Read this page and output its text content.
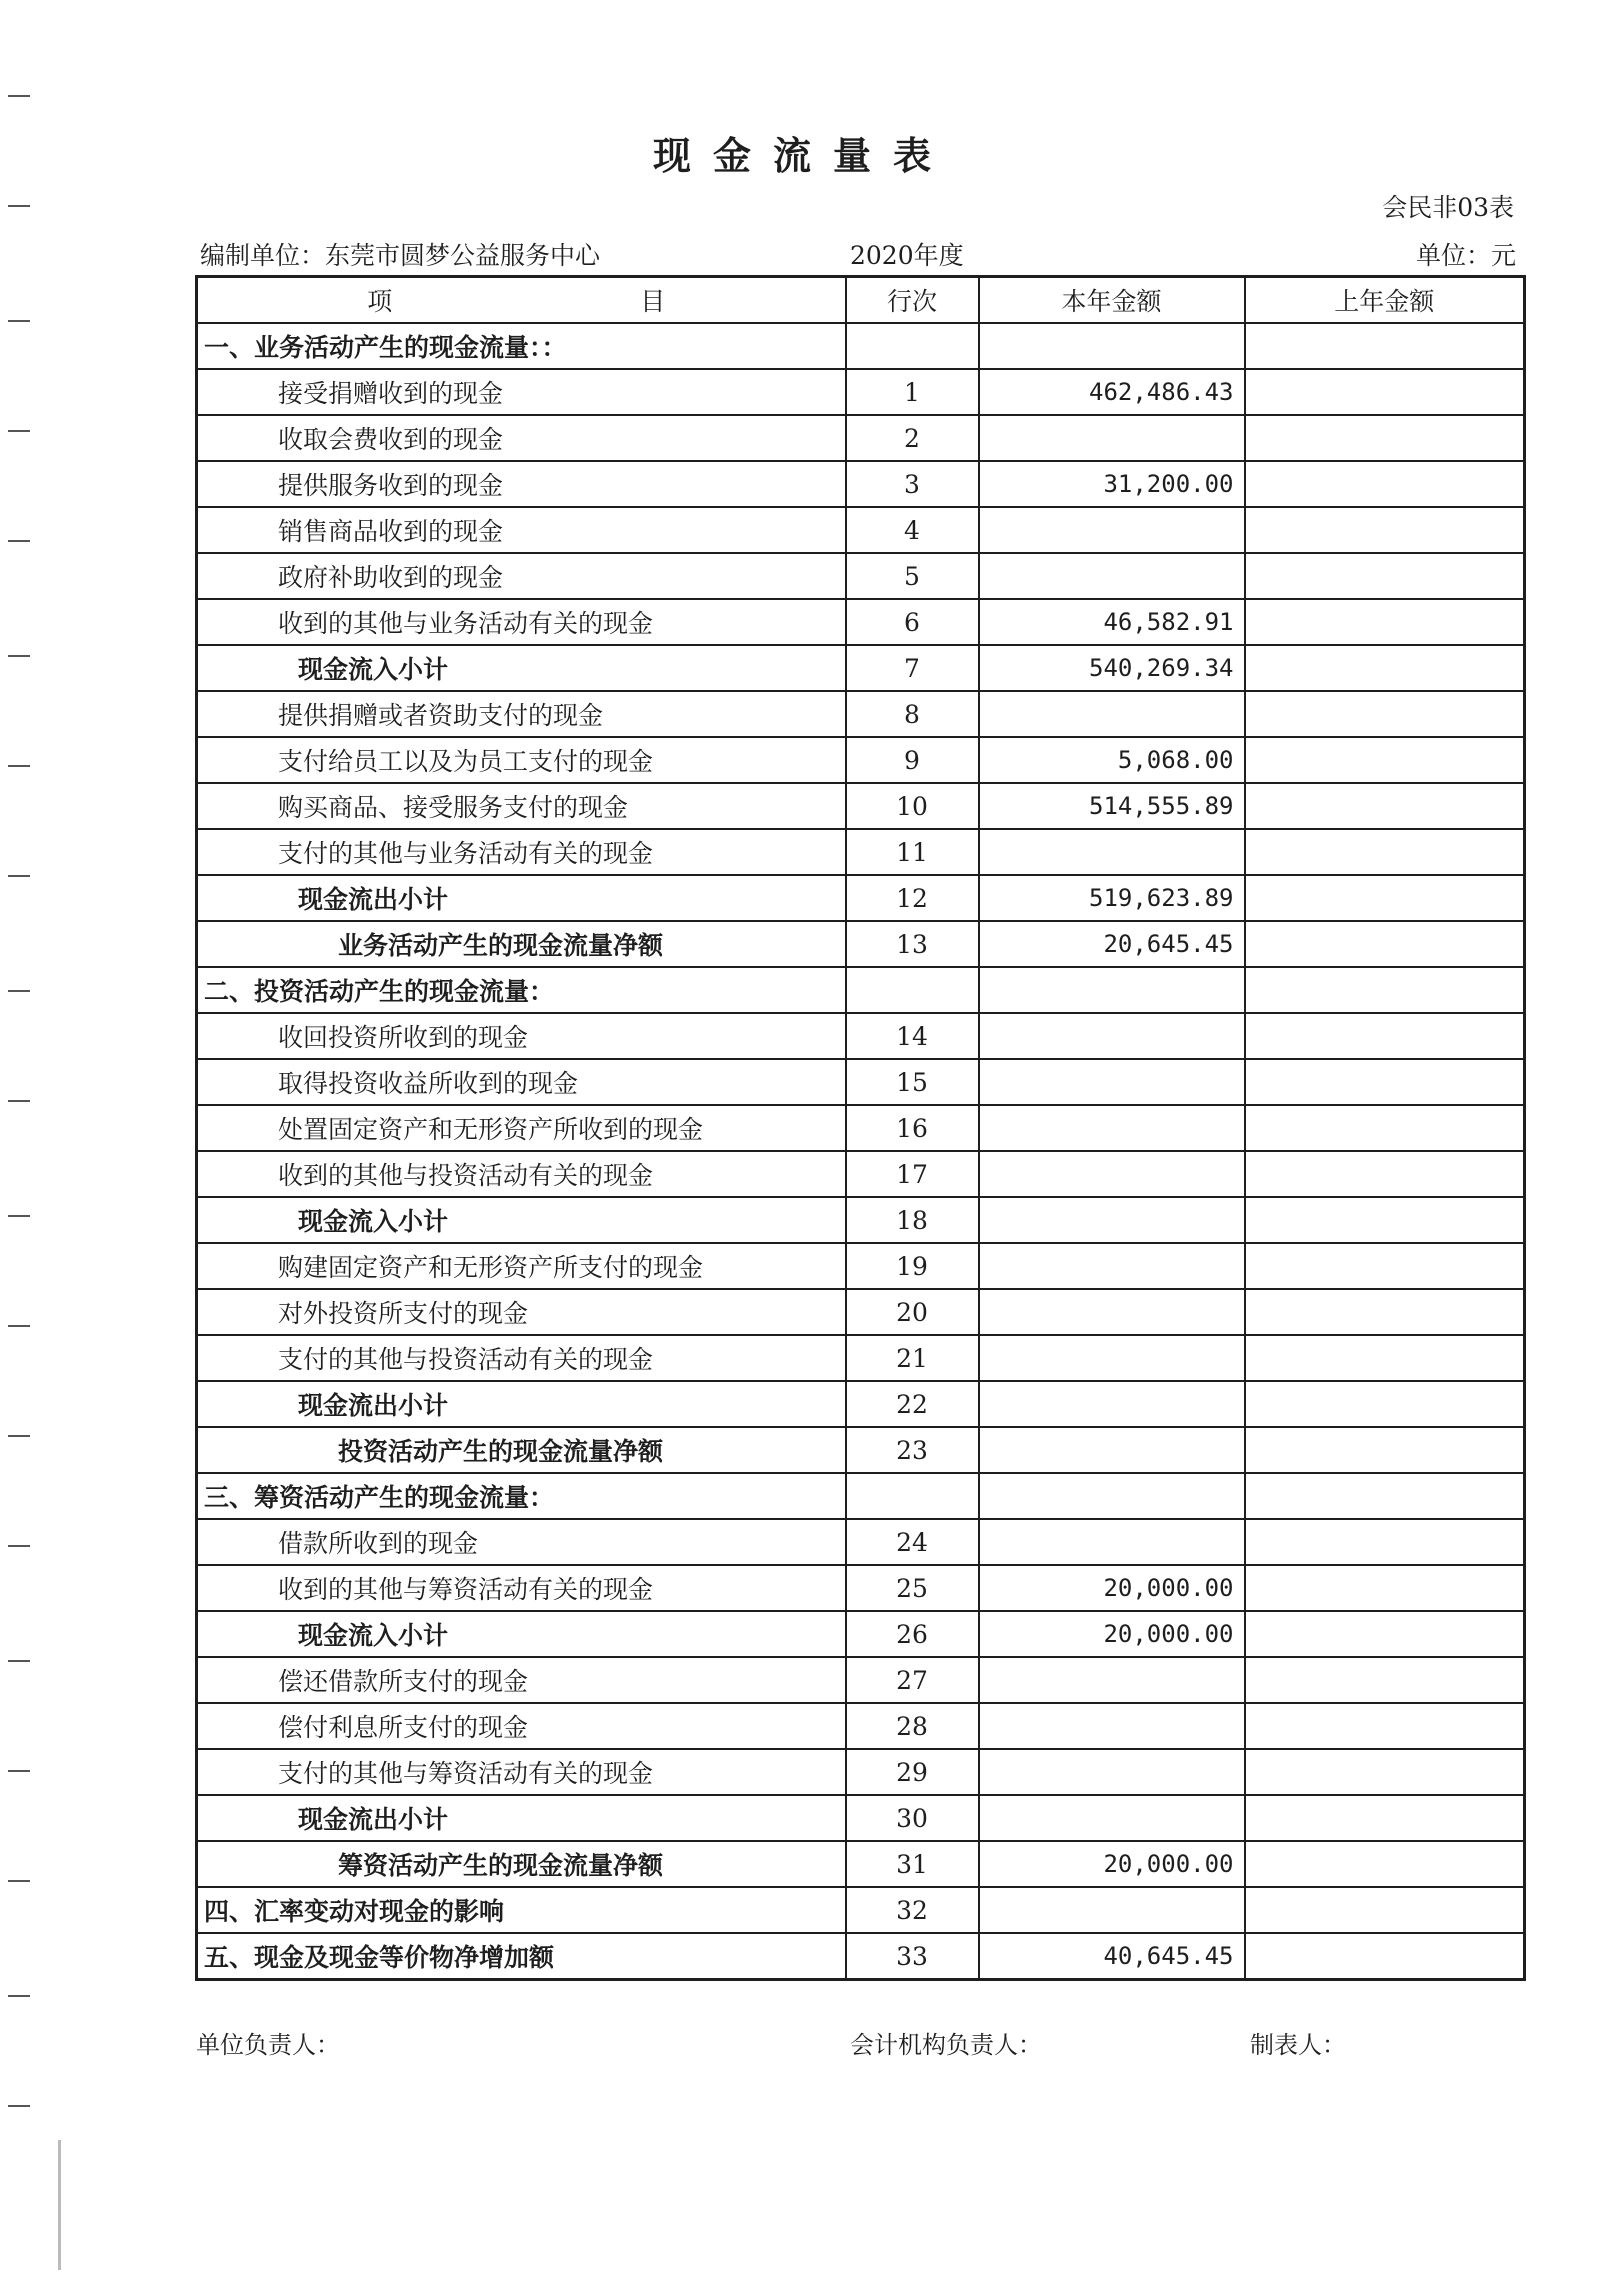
现金流量表
会民非03表
编制单位：东莞市圆梦公益服务中心	2020年度	单位：元
项 目	行次	本年金额	上年金额
一、业务活动产生的现金流量：：			
接受捐赠收到的现金	1	462,486.43	
收取会费收到的现金	2		
提供服务收到的现金	3	31,200.00	
销售商品收到的现金	4		
政府补助收到的现金	5		
收到的其他与业务活动有关的现金	6	46,582.91	
现金流入小计	7	540,269.34	
提供捐赠或者资助支付的现金	8		
支付给员工以及为员工支付的现金	9	5,068.00	
购买商品、接受服务支付的现金	10	514,555.89	
支付的其他与业务活动有关的现金	11		
现金流出小计	12	519,623.89	
业务活动产生的现金流量净额	13	20,645.45	
二、投资活动产生的现金流量：			
收回投资所收到的现金	14		
取得投资收益所收到的现金	15		
处置固定资产和无形资产所收到的现金	16		
收到的其他与投资活动有关的现金	17		
现金流入小计	18		
购建固定资产和无形资产所支付的现金	19		
对外投资所支付的现金	20		
支付的其他与投资活动有关的现金	21		
现金流出小计	22		
投资活动产生的现金流量净额	23		
三、筹资活动产生的现金流量：			
借款所收到的现金	24		
收到的其他与筹资活动有关的现金	25	20,000.00	
现金流入小计	26	20,000.00	
偿还借款所支付的现金	27		
偿付利息所支付的现金	28		
支付的其他与筹资活动有关的现金	29		
现金流出小计	30		
筹资活动产生的现金流量净额	31	20,000.00	
四、汇率变动对现金的影响	32		
五、现金及现金等价物净增加额	33	40,645.45	
单位负责人：	会计机构负责人：	制表人：
